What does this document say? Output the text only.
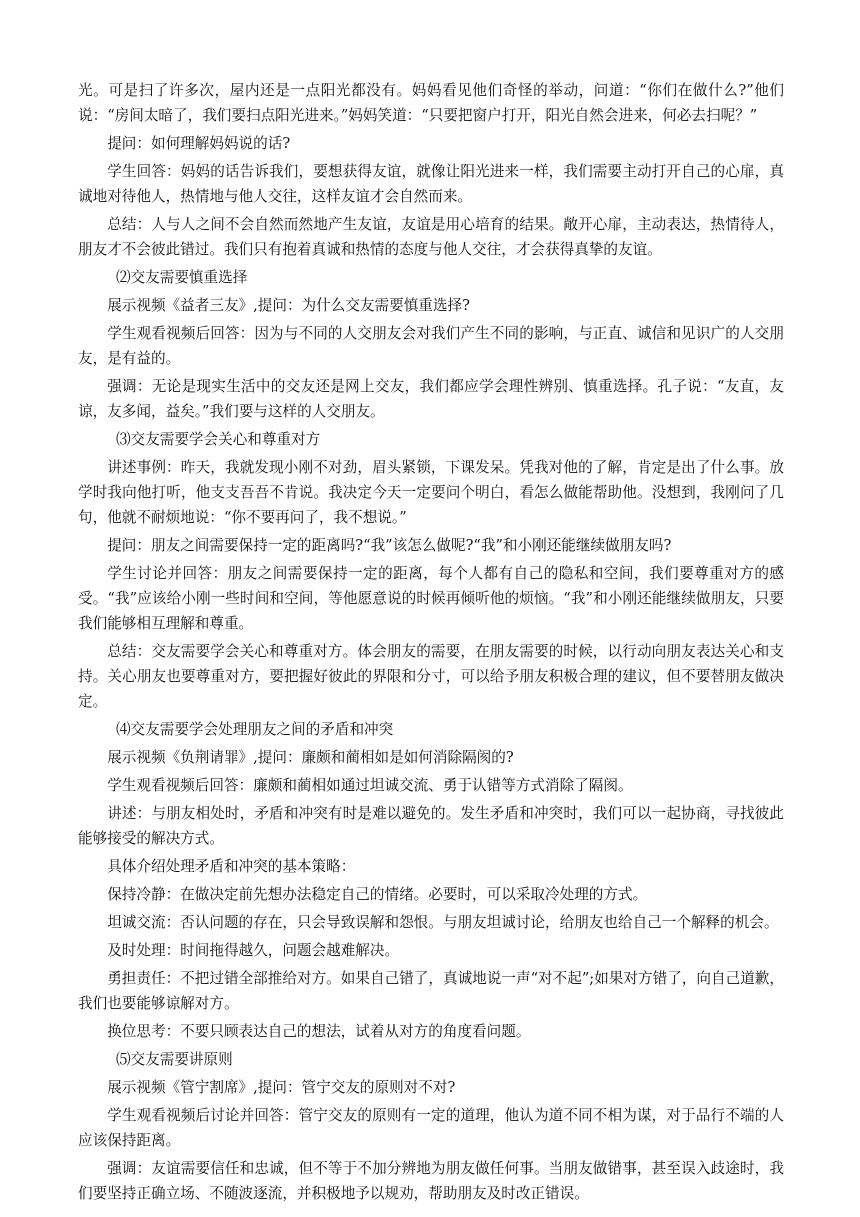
光。可是扫了许多次，屋内还是一点阳光都没有。妈妈看见他们奇怪的举动，问道：“你们在做什么?”他们说：“房间太暗了，我们要扫点阳光进来。”妈妈笑道：“只要把窗户打开，阳光自然会进来，何必去扫呢？”

提问：如何理解妈妈说的话?

学生回答：妈妈的话告诉我们，要想获得友谊，就像让阳光进来一样，我们需要主动打开自己的心扉，真诚地对待他人，热情地与他人交往，这样友谊才会自然而来。

总结：人与人之间不会自然而然地产生友谊，友谊是用心培育的结果。敞开心扉，主动表达，热情待人，朋友才不会彼此错过。我们只有抱着真诚和热情的态度与他人交往，才会获得真挚的友谊。

⑵交友需要慎重选择

展示视频《益者三友》,提问：为什么交友需要慎重选择?

学生观看视频后回答：因为与不同的人交朋友会对我们产生不同的影响，与正直、诚信和见识广的人交朋友，是有益的。

强调：无论是现实生活中的交友还是网上交友，我们都应学会理性辨别、慎重选择。孔子说：“友直，友谅，友多闻，益矣。”我们要与这样的人交朋友。

⑶交友需要学会关心和尊重对方

讲述事例：昨天，我就发现小刚不对劲，眉头紧锁，下课发呆。凭我对他的了解，肯定是出了什么事。放学时我向他打听，他支支吾吾不肯说。我决定今天一定要问个明白，看怎么做能帮助他。没想到，我刚问了几句，他就不耐烦地说：“你不要再问了，我不想说。”

提问：朋友之间需要保持一定的距离吗?“我”该怎么做呢?“我”和小刚还能继续做朋友吗?

学生讨论并回答：朋友之间需要保持一定的距离，每个人都有自己的隐私和空间，我们要尊重对方的感受。“我”应该给小刚一些时间和空间，等他愿意说的时候再倾听他的烦恼。“我”和小刚还能继续做朋友，只要我们能够相互理解和尊重。

总结：交友需要学会关心和尊重对方。体会朋友的需要，在朋友需要的时候，以行动向朋友表达关心和支持。关心朋友也要尊重对方，要把握好彼此的界限和分寸，可以给予朋友积极合理的建议，但不要替朋友做决定。

⑷交友需要学会处理朋友之间的矛盾和冲突

展示视频《负荆请罪》,提问：廉颇和蔺相如是如何消除隔阂的?

学生观看视频后回答：廉颇和蔺相如通过坦诚交流、勇于认错等方式消除了隔阂。

讲述：与朋友相处时，矛盾和冲突有时是难以避免的。发生矛盾和冲突时，我们可以一起协商，寻找彼此能够接受的解决方式。

具体介绍处理矛盾和冲突的基本策略：

保持冷静：在做决定前先想办法稳定自己的情绪。必要时，可以采取冷处理的方式。

坦诚交流：否认问题的存在，只会导致误解和怨恨。与朋友坦诚讨论，给朋友也给自己一个解释的机会。

及时处理：时间拖得越久，问题会越难解决。

勇担责任：不把过错全部推给对方。如果自己错了，真诚地说一声“对不起”;如果对方错了，向自己道歉，我们也要能够谅解对方。

换位思考：不要只顾表达自己的想法，试着从对方的角度看问题。

⑸交友需要讲原则

展示视频《管宁割席》,提问：管宁交友的原则对不对?

学生观看视频后讨论并回答：管宁交友的原则有一定的道理，他认为道不同不相为谋，对于品行不端的人应该保持距离。

强调：友谊需要信任和忠诚，但不等于不加分辨地为朋友做任何事。当朋友做错事，甚至误入歧途时，我们要坚持正确立场、不随波逐流，并积极地予以规劝，帮助朋友及时改正错误。
